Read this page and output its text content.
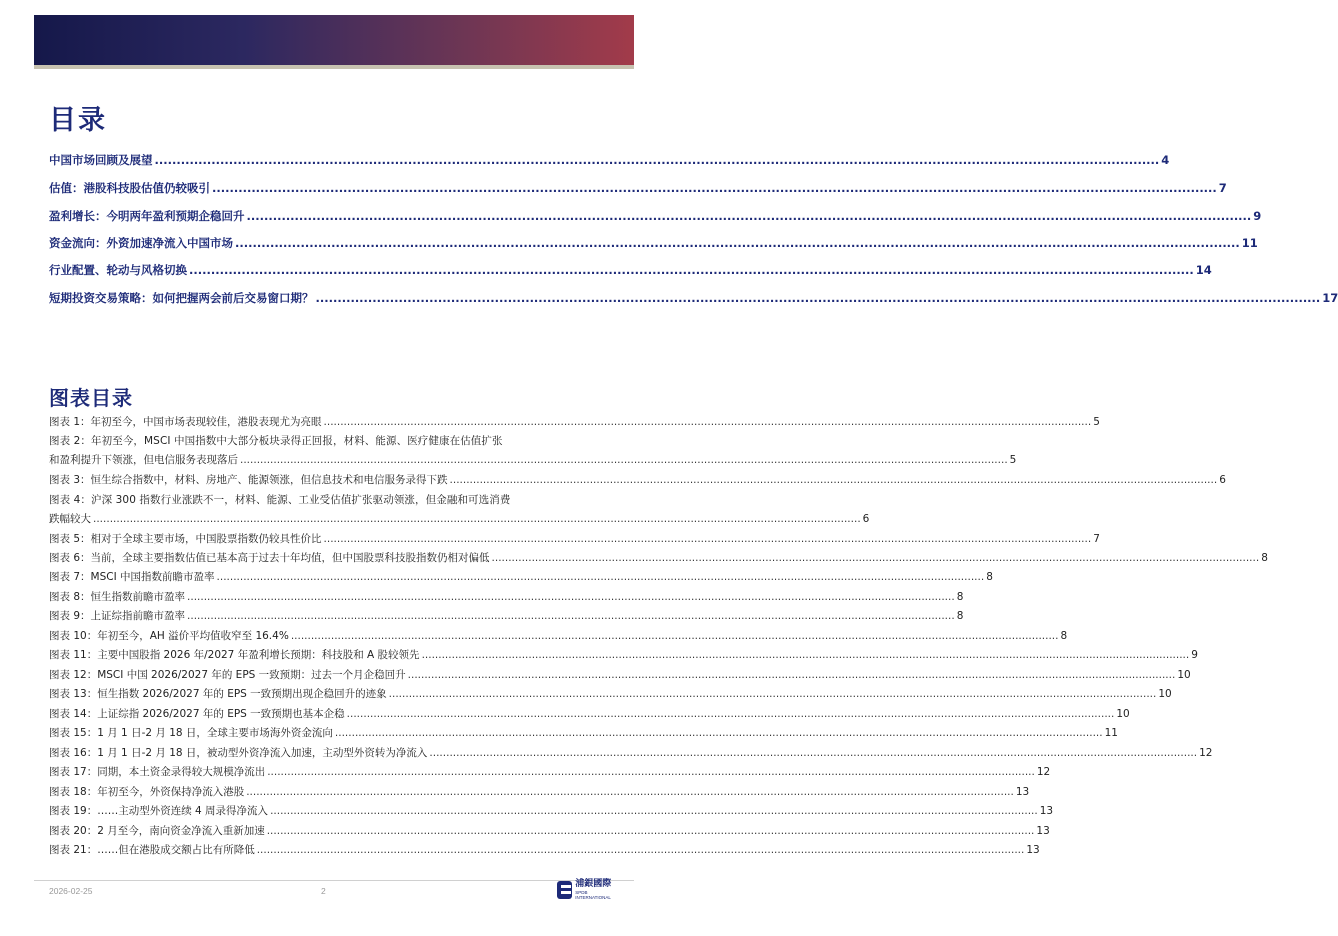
目录
中国市场回顾及展望 ...................................................................................................................................................................................................................................... 4
估值：港股科技股估值仍较吸引 ...................................................................................................................................................................................................................................... 7
盈利增长：今明两年盈利预期企稳回升 ...................................................................................................................................................................................................................................... 9
资金流向：外资加速净流入中国市场 ...................................................................................................................................................................................................................................... 11
行业配置、轮动与风格切换 ...................................................................................................................................................................................................................................... 14
短期投资交易策略：如何把握两会前后交易窗口期？ ...................................................................................................................................................................................................................................... 17
图表目录
图表 1：年初至今，中国市场表现较佳，港股表现尤为亮眼 ...................................................................................................................................................................................................................................... 5
图表 2：年初至今，MSCI 中国指数中大部分板块录得正回报，材料、能源、医疗健康在估值扩张
和盈利提升下领涨，但电信服务表现落后 ...................................................................................................................................................................................................................................... 5
图表 3：恒生综合指数中，材料、房地产、能源领涨，但信息技术和电信服务录得下跌 ...................................................................................................................................................................................................................................... 6
图表 4：沪深 300 指数行业涨跌不一，材料、能源、工业受估值扩张驱动领涨，但金融和可选消费
跌幅较大 ...................................................................................................................................................................................................................................... 6
图表 5：相对于全球主要市场，中国股票指数仍较具性价比 ...................................................................................................................................................................................................................................... 7
图表 6：当前，全球主要指数估值已基本高于过去十年均值，但中国股票科技股指数仍相对偏低 ...................................................................................................................................................................................................................................... 8
图表 7：MSCI 中国指数前瞻市盈率 ...................................................................................................................................................................................................................................... 8
图表 8：恒生指数前瞻市盈率 ...................................................................................................................................................................................................................................... 8
图表 9：上证综指前瞻市盈率 ...................................................................................................................................................................................................................................... 8
图表 10：年初至今，AH 溢价平均值收窄至 16.4% ...................................................................................................................................................................................................................................... 8
图表 11：主要中国股指 2026 年/2027 年盈利增长预期：科技股和 A 股较领先 ...................................................................................................................................................................................................................................... 9
图表 12：MSCI 中国 2026/2027 年的 EPS 一致预期：过去一个月企稳回升 ...................................................................................................................................................................................................................................... 10
图表 13：恒生指数 2026/2027 年的 EPS 一致预期出现企稳回升的迹象 ...................................................................................................................................................................................................................................... 10
图表 14：上证综指 2026/2027 年的 EPS 一致预期也基本企稳 ...................................................................................................................................................................................................................................... 10
图表 15：1 月 1 日-2 月 18 日，全球主要市场海外资金流向 ...................................................................................................................................................................................................................................... 11
图表 16：1 月 1 日-2 月 18 日，被动型外资净流入加速，主动型外资转为净流入 ...................................................................................................................................................................................................................................... 12
图表 17：同期，本土资金录得较大规模净流出 ...................................................................................................................................................................................................................................... 12
图表 18：年初至今，外资保持净流入港股 ...................................................................................................................................................................................................................................... 13
图表 19：……主动型外资连续 4 周录得净流入 ...................................................................................................................................................................................................................................... 13
图表 20：2 月至今，南向资金净流入重新加速 ...................................................................................................................................................................................................................................... 13
图表 21：……但在港股成交额占比有所降低 ...................................................................................................................................................................................................................................... 13
2026-02-25	2
浦銀國際
SPDB INTERNATIONAL
